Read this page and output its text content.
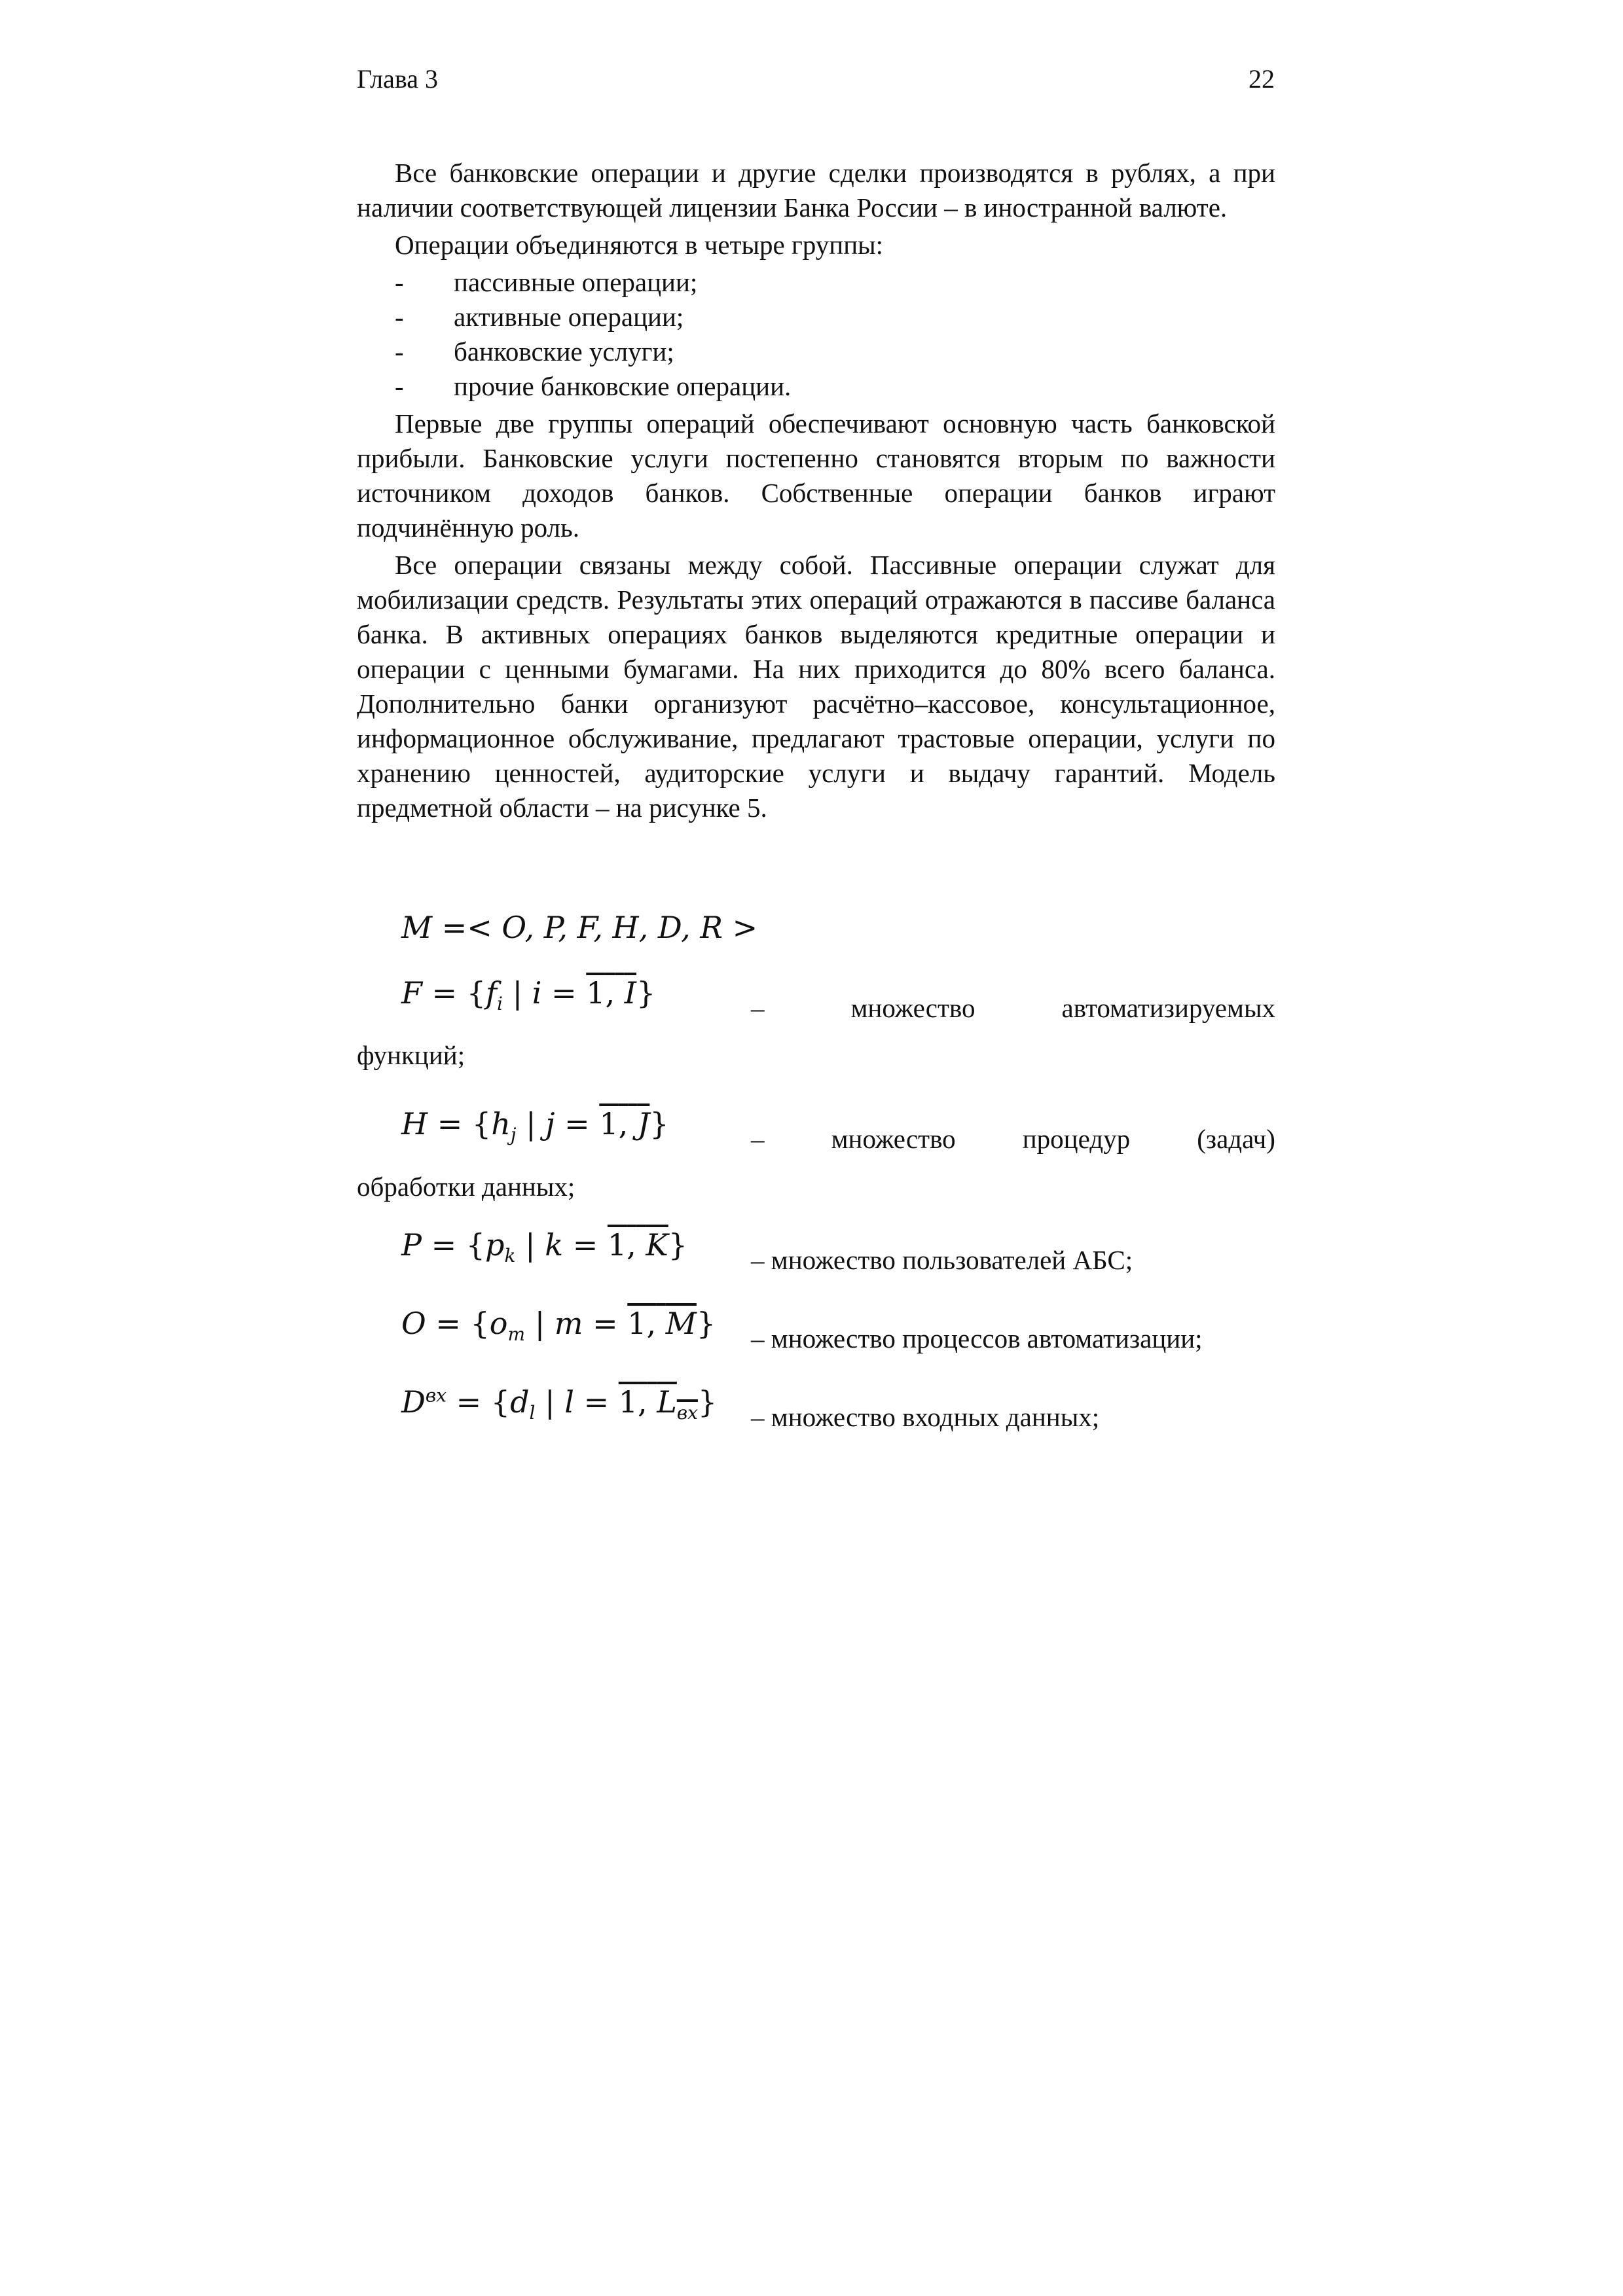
Глава 3	22

Все банковские операции и другие сделки производятся в рублях, а при наличии соответствующей лицензии Банка России – в иностранной валюте.

Операции объединяются в четыре группы:

- пассивные операции;
- активные операции;
- банковские услуги;
- прочие банковские операции.

Первые две группы операций обеспечивают основную часть банковской прибыли. Банковские услуги постепенно становятся вторым по важности источником доходов банков. Собственные операции банков играют подчинённую роль.

Все операции связаны между собой. Пассивные операции служат для мобилизации средств. Результаты этих операций отражаются в пассиве баланса банка. В активных операциях банков выделяются кредитные операции и операции с ценными бумагами. На них приходится до 80% всего баланса. Дополнительно банки организуют расчётно–кассовое, консультационное, информационное обслуживание, предлагают трастовые операции, услуги по хранению ценностей, аудиторские услуги и выдачу гарантий. Модель предметной области – на рисунке 5.

M =< O, P, F, H, D, R >
$F = \{f_i$ | i = 1, I}	–	множество	автоматизируемых
функций;
$H = \{h_j$ | j = 1, J}	– множество процедур (задач)
обработки данных;
$P = \{p_k$ | k = 1, K} – множество пользователей АБС;
$O = \{o_m$ | m = 1, M} – множество процессов автоматизации;
$D^{вх} = \{d_l$ | l = 1, $L_{вх}$} – множество входных данных;
